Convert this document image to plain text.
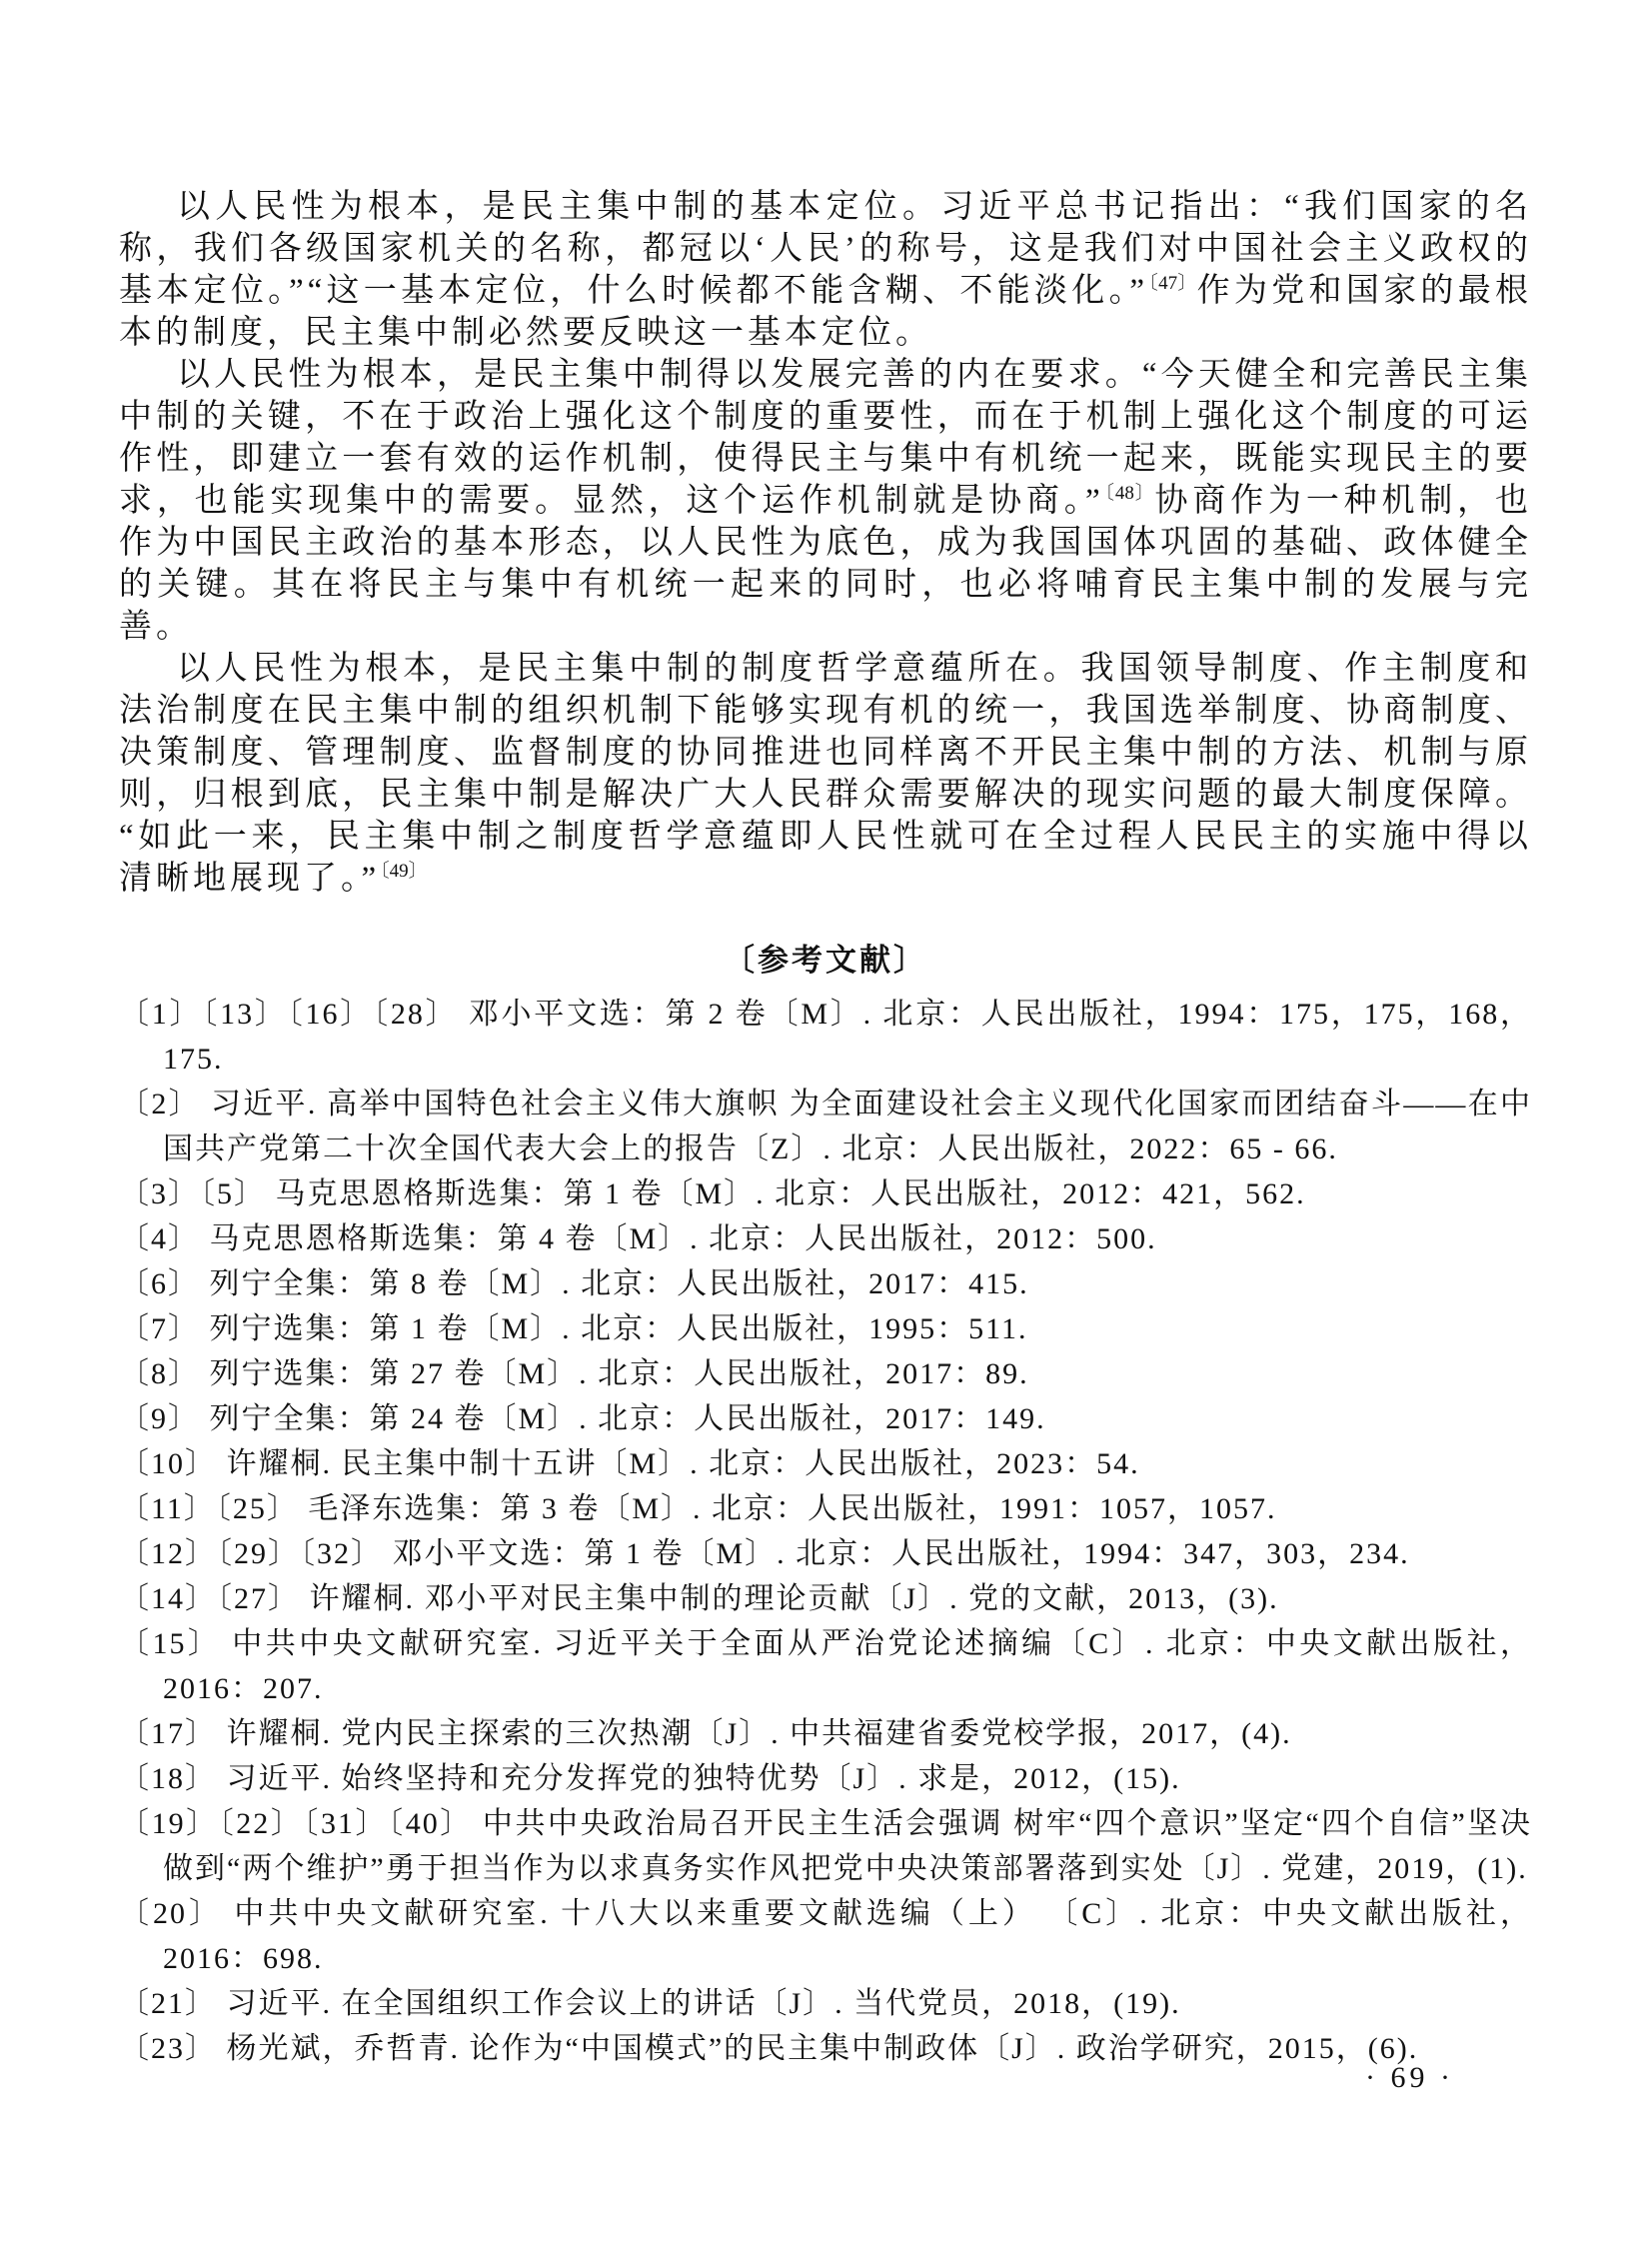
以人民性为根本，是民主集中制的基本定位。习近平总书记指出：“我们国家的名称，我们各级国家机关的名称，都冠以‘人民’的称号，这是我们对中国社会主义政权的基本定位。”“这一基本定位，什么时候都不能含糊、不能淡化。”$^{〔47〕}$作为党和国家的最根本的制度，民主集中制必然要反映这一基本定位。

以人民性为根本，是民主集中制得以发展完善的内在要求。“今天健全和完善民主集中制的关键，不在于政治上强化这个制度的重要性，而在于机制上强化这个制度的可运作性，即建立一套有效的运作机制，使得民主与集中有机统一起来，既能实现民主的要求，也能实现集中的需要。显然，这个运作机制就是协商。”$^{〔48〕}$协商作为一种机制，也作为中国民主政治的基本形态，以人民性为底色，成为我国国体巩固的基础、政体健全的关键。其在将民主与集中有机统一起来的同时，也必将哺育民主集中制的发展与完善。

以人民性为根本，是民主集中制的制度哲学意蕴所在。我国领导制度、作主制度和法治制度在民主集中制的组织机制下能够实现有机的统一，我国选举制度、协商制度、决策制度、管理制度、监督制度的协同推进也同样离不开民主集中制的方法、机制与原则，归根到底，民主集中制是解决广大人民群众需要解决的现实问题的最大制度保障。“如此一来，民主集中制之制度哲学意蕴即人民性就可在全过程人民民主的实施中得以清晰地展现了。”$^{〔49〕}$

〔参考文献〕
〔1〕〔13〕〔16〕〔28〕 邓小平文选：第 2 卷〔M〕. 北京：人民出版社，1994：175，175，168，175.
〔2〕 习近平. 高举中国特色社会主义伟大旗帜 为全面建设社会主义现代化国家而团结奋斗——在中国共产党第二十次全国代表大会上的报告〔Z〕. 北京：人民出版社，2022：65 - 66.
〔3〕〔5〕 马克思恩格斯选集：第 1 卷〔M〕. 北京：人民出版社，2012：421，562.
〔4〕 马克思恩格斯选集：第 4 卷〔M〕. 北京：人民出版社，2012：500.
〔6〕 列宁全集：第 8 卷〔M〕. 北京：人民出版社，2017：415.
〔7〕 列宁选集：第 1 卷〔M〕. 北京：人民出版社，1995：511.
〔8〕 列宁选集：第 27 卷〔M〕. 北京：人民出版社，2017：89.
〔9〕 列宁全集：第 24 卷〔M〕. 北京：人民出版社，2017：149.
〔10〕 许耀桐. 民主集中制十五讲〔M〕. 北京：人民出版社，2023：54.
〔11〕〔25〕 毛泽东选集：第 3 卷〔M〕. 北京：人民出版社，1991：1057，1057.
〔12〕〔29〕〔32〕 邓小平文选：第 1 卷〔M〕. 北京：人民出版社，1994：347，303，234.
〔14〕〔27〕 许耀桐. 邓小平对民主集中制的理论贡献〔J〕. 党的文献，2013，(3).
〔15〕 中共中央文献研究室. 习近平关于全面从严治党论述摘编〔C〕. 北京：中央文献出版社，2016：207.
〔17〕 许耀桐. 党内民主探索的三次热潮〔J〕. 中共福建省委党校学报，2017，(4).
〔18〕 习近平. 始终坚持和充分发挥党的独特优势〔J〕. 求是，2012，(15).
〔19〕〔22〕〔31〕〔40〕 中共中央政治局召开民主生活会强调 树牢“四个意识”坚定“四个自信”坚决做到“两个维护”勇于担当作为以求真务实作风把党中央决策部署落到实处〔J〕. 党建，2019，(1).
〔20〕 中共中央文献研究室. 十八大以来重要文献选编（上） 〔C〕. 北京：中央文献出版社，2016：698.
〔21〕 习近平. 在全国组织工作会议上的讲话〔J〕. 当代党员，2018，(19).
〔23〕 杨光斌，乔哲青. 论作为“中国模式”的民主集中制政体〔J〕. 政治学研究，2015，(6).
· 69 ·
